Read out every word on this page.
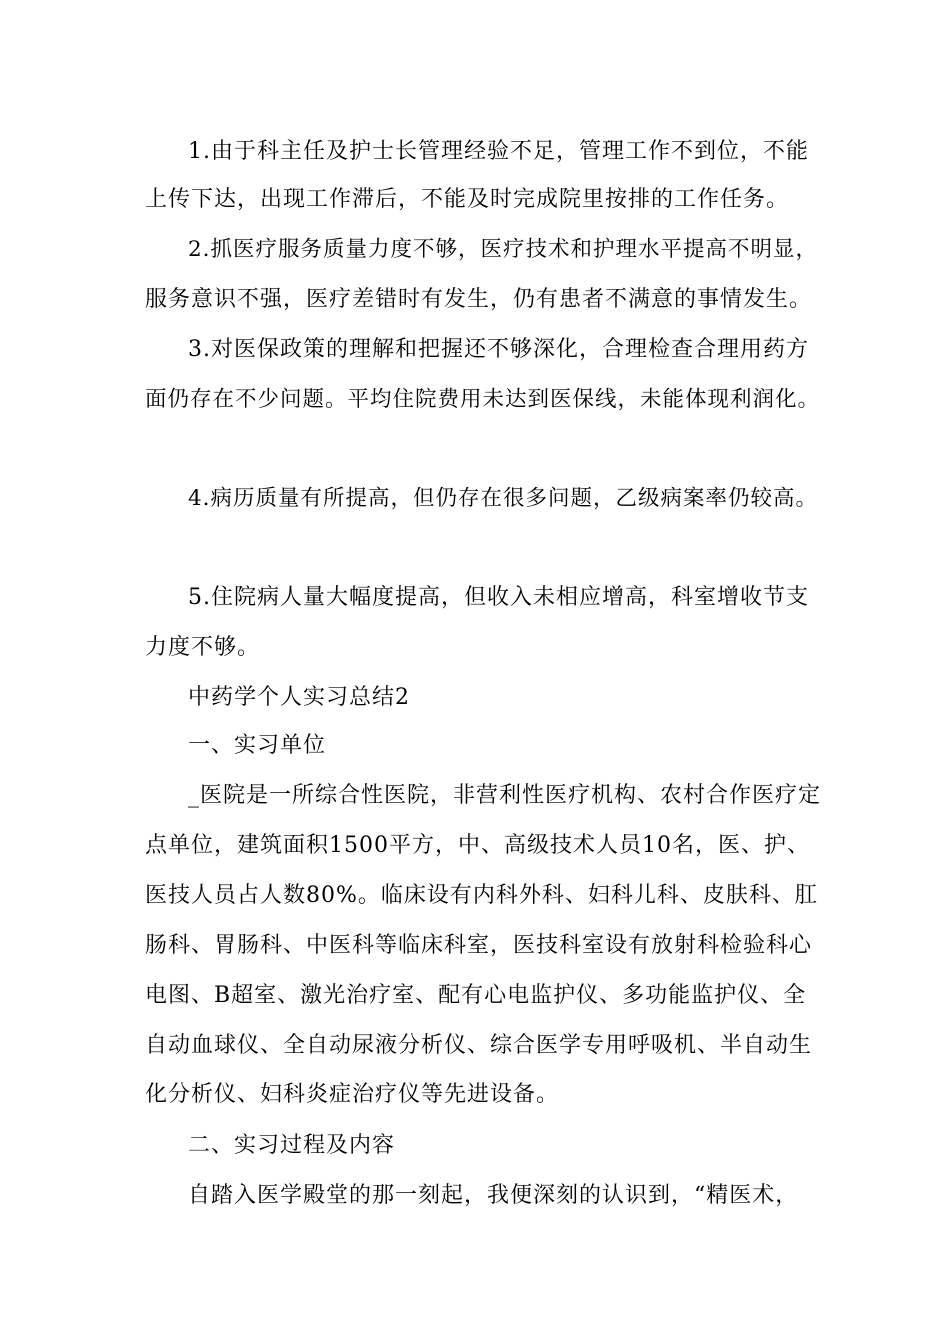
1.由于科主任及护士长管理经验不足，管理工作不到位，不能
上传下达，出现工作滞后，不能及时完成院里按排的工作任务。
2.抓医疗服务质量力度不够，医疗技术和护理水平提高不明显，
服务意识不强，医疗差错时有发生，仍有患者不满意的事情发生。
3.对医保政策的理解和把握还不够深化，合理检查合理用药方
面仍存在不少问题。平均住院费用未达到医保线，未能体现利润化。
4.病历质量有所提高，但仍存在很多问题，乙级病案率仍较高。
5.住院病人量大幅度提高，但收入未相应增高，科室增收节支
力度不够。
中药学个人实习总结2
一、实习单位
_医院是一所综合性医院，非营利性医疗机构、农村合作医疗定
点单位，建筑面积1500平方，中、高级技术人员10名，医、护、
医技人员占人数80%。临床设有内科外科、妇科儿科、皮肤科、肛
肠科、胃肠科、中医科等临床科室，医技科室设有放射科检验科心
电图、B超室、激光治疗室、配有心电监护仪、多功能监护仪、全
自动血球仪、全自动尿液分析仪、综合医学专用呼吸机、半自动生
化分析仪、妇科炎症治疗仪等先进设备。
二、实习过程及内容
自踏入医学殿堂的那一刻起，我便深刻的认识到，“精医术，
